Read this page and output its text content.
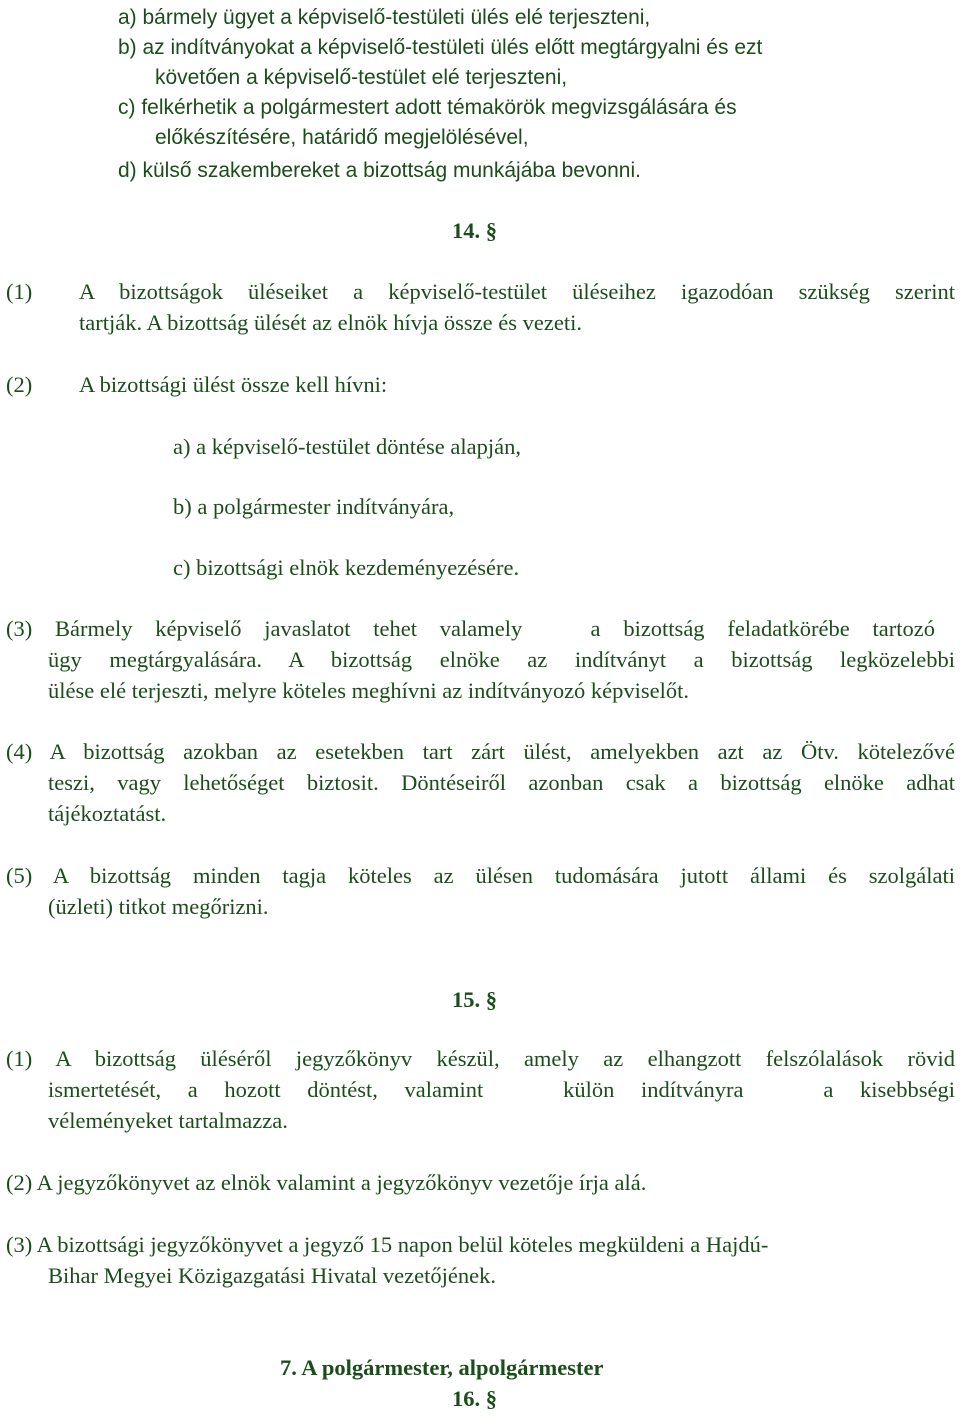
a) bármely ügyet a képviselő-testületi ülés elé terjeszteni,
b) az indítványokat a képviselő-testületi ülés előtt megtárgyalni és ezt
követően a képviselő-testület elé terjeszteni,
c) felkérhetik a polgármestert adott témakörök megvizsgálására és
előkészítésére, határidő megjelölésével,
d) külső szakembereket a bizottság munkájába bevonni.
14. §
(1) A bizottságok üléseiket a képviselő-testület üléseihez igazodóan szükség szerint
tartják. A bizottság ülését az elnök hívja össze és vezeti.
(2) A bizottsági ülést össze kell hívni:
a) a képviselő-testület döntése alapján,
b) a polgármester indítványára,
c) bizottsági elnök kezdeményezésére.
(3) Bármely képviselő javaslatot tehet valamely   a bizottság feladatkörébe tartozó
ügy megtárgyalására. A bizottság elnöke az indítványt a bizottság legközelebbi
ülése elé terjeszti, melyre köteles meghívni az indítványozó képviselőt.
(4) A bizottság azokban az esetekben tart zárt ülést, amelyekben azt az Ötv. kötelezővé
teszi, vagy lehetőséget biztosit. Döntéseiről azonban csak a bizottság elnöke adhat
tájékoztatást.
(5) A bizottság minden tagja köteles az ülésen tudomására jutott állami és szolgálati
(üzleti) titkot megőrizni.
15. §
(1) A bizottság üléséről jegyzőkönyv készül, amely az elhangzott felszólalások rövid
ismertetését, a hozott döntést, valamint   külön indítványra   a kisebbségi
véleményeket tartalmazza.
(2) A jegyzőkönyvet az elnök valamint a jegyzőkönyv vezetője írja alá.
(3) A bizottsági jegyzőkönyvet a jegyző 15 napon belül köteles megküldeni a Hajdú-
Bihar Megyei Közigazgatási Hivatal vezetőjének.
7. A polgármester, alpolgármester
16. §
